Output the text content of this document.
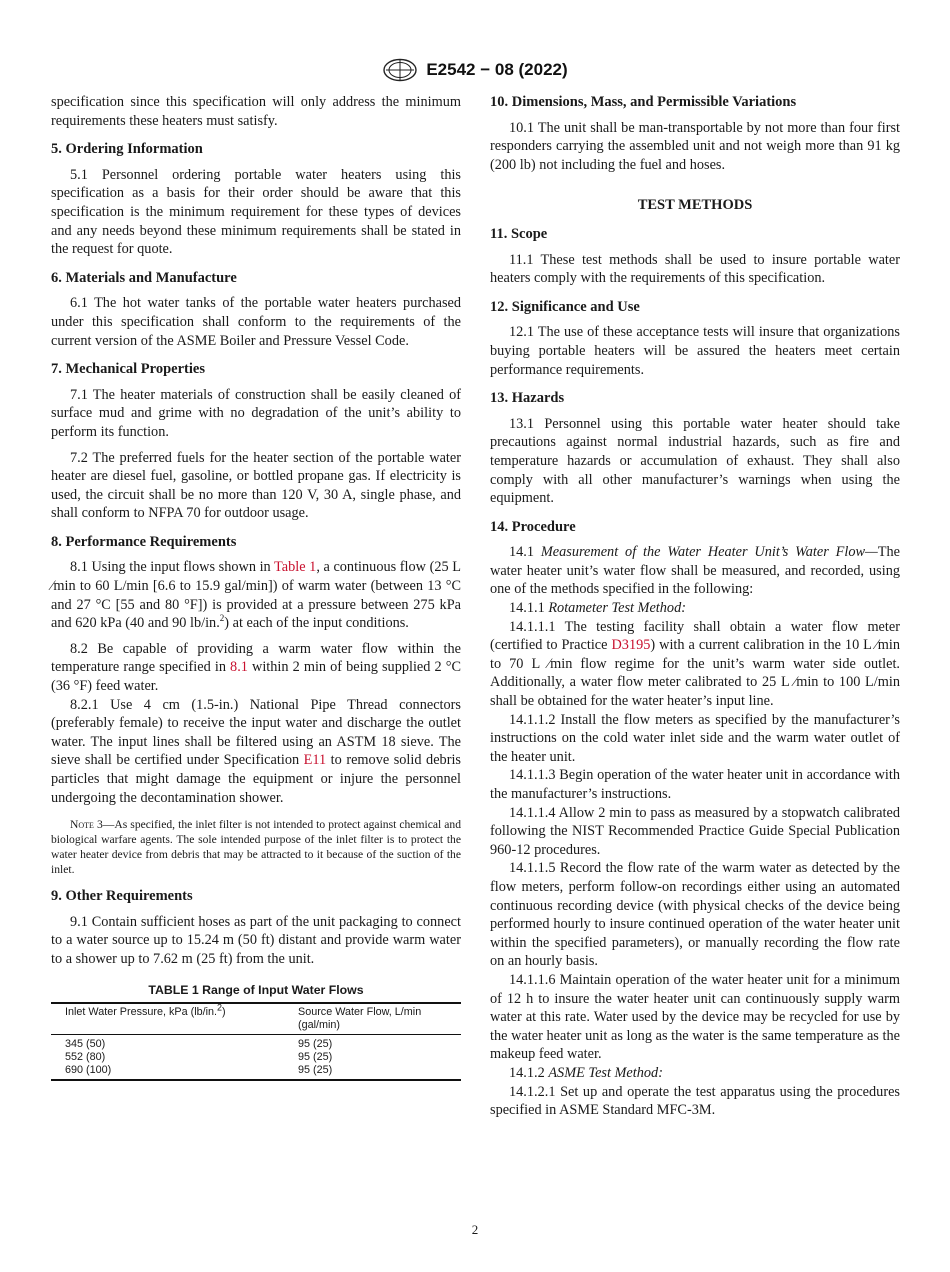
E2542 − 08 (2022)

specification since this specification will only address the minimum requirements these heaters must satisfy.

5. Ordering Information

5.1 Personnel ordering portable water heaters using this specification as a basis for their order should be aware that this specification is the minimum requirement for these types of devices and any needs beyond these minimum requirements shall be stated in the request for quote.

6. Materials and Manufacture

6.1 The hot water tanks of the portable water heaters purchased under this specification shall conform to the requirements of the current version of the ASME Boiler and Pressure Vessel Code.

7. Mechanical Properties

7.1 The heater materials of construction shall be easily cleaned of surface mud and grime with no degradation of the unit’s ability to perform its function.

7.2 The preferred fuels for the heater section of the portable water heater are diesel fuel, gasoline, or bottled propane gas. If electricity is used, the circuit shall be no more than 120 V, 30 A, single phase, and shall conform to NFPA 70 for outdoor usage.

8. Performance Requirements

8.1 Using the input flows shown in Table 1, a continuous flow (25 L ⁄min to 60 L/min [6.6 to 15.9 gal/min]) of warm water (between 13 °C and 27 °C [55 and 80 °F]) is provided at a pressure between 275 kPa and 620 kPa (40 and 90 lb/in.$^2$) at each of the input conditions.

8.2 Be capable of providing a warm water flow within the temperature range specified in 8.1 within 2 min of being supplied 2 °C (36 °F) feed water.

8.2.1 Use 4 cm (1.5-in.) National Pipe Thread connectors (preferably female) to receive the input water and discharge the outlet water. The input lines shall be filtered using an ASTM 18 sieve. The sieve shall be certified under Specification E11 to remove solid debris particles that might damage the equipment or injure the personnel undergoing the decontamination shower.

Note 3—As specified, the inlet filter is not intended to protect against chemical and biological warfare agents. The sole intended purpose of the inlet filter is to protect the water heater device from debris that may be attracted to it because of the suction of the inlet.

9. Other Requirements

9.1 Contain sufficient hoses as part of the unit packaging to connect to a water source up to 15.24 m (50 ft) distant and provide warm water to a shower up to 7.62 m (25 ft) from the unit.

TABLE 1 Range of Input Water Flows
Inlet Water Pressure, kPa (lb/in.$^2$)	Source Water Flow, L/min (gal/min)
345 (50)	95 (25)
552 (80)	95 (25)
690 (100)	95 (25)
10. Dimensions, Mass, and Permissible Variations

10.1 The unit shall be man-transportable by not more than four first responders carrying the assembled unit and not weigh more than 91 kg (200 lb) not including the fuel and hoses.

TEST METHODS
11. Scope

11.1 These test methods shall be used to insure portable water heaters comply with the requirements of this specification.

12. Significance and Use

12.1 The use of these acceptance tests will insure that organizations buying portable heaters will be assured the heaters meet certain performance requirements.

13. Hazards

13.1 Personnel using this portable water heater should take precautions against normal industrial hazards, such as fire and temperature hazards or accumulation of exhaust. They shall also comply with all other manufacturer’s warnings when using the equipment.

14. Procedure

14.1 Measurement of the Water Heater Unit’s Water Flow—The water heater unit’s water flow shall be measured, and recorded, using one of the methods specified in the following:

14.1.1 Rotameter Test Method:

14.1.1.1 The testing facility shall obtain a water flow meter (certified to Practice D3195) with a current calibration in the 10 L ⁄min to 70 L ⁄min flow regime for the unit’s warm water side outlet. Additionally, a water flow meter calibrated to 25 L ⁄min to 100 L/min shall be obtained for the water heater’s input line.

14.1.1.2 Install the flow meters as specified by the manufacturer’s instructions on the cold water inlet side and the warm water outlet of the heater unit.

14.1.1.3 Begin operation of the water heater unit in accordance with the manufacturer’s instructions.

14.1.1.4 Allow 2 min to pass as measured by a stopwatch calibrated following the NIST Recommended Practice Guide Special Publication 960-12 procedures.

14.1.1.5 Record the flow rate of the warm water as detected by the flow meters, perform follow-on recordings either using an automated continuous recording device (with physical checks of the device being performed hourly to insure continued operation of the water heater unit within the specified parameters), or manually recording the flow rate on an hourly basis.

14.1.1.6 Maintain operation of the water heater unit for a minimum of 12 h to insure the water heater unit can continuously supply warm water at this rate. Water used by the device may be recycled for use by the water heater unit as long as the water is the same temperature as the makeup feed water.

14.1.2 ASME Test Method:

14.1.2.1 Set up and operate the test apparatus using the procedures specified in ASME Standard MFC-3M.

2
